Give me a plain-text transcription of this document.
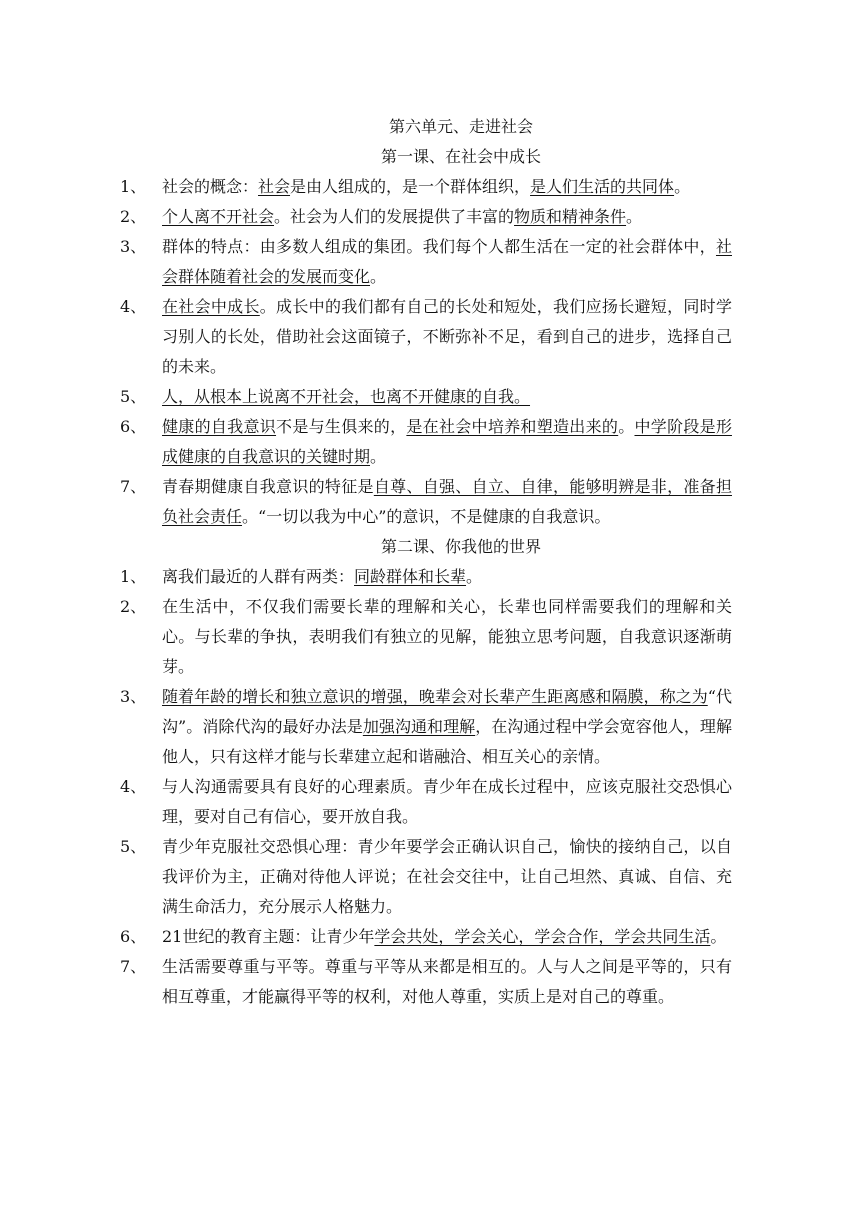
第六单元、走进社会

第一课、在社会中成长

1、 社会的概念：社会是由人组成的，是一个群体组织，是人们生活的共同体。
2、 个人离不开社会。社会为人们的发展提供了丰富的物质和精神条件。
3、 群体的特点：由多数人组成的集团。我们每个人都生活在一定的社会群体中，社会群体随着社会的发展而变化。
4、 在社会中成长。成长中的我们都有自己的长处和短处，我们应扬长避短，同时学习别人的长处，借助社会这面镜子，不断弥补不足，看到自己的进步，选择自己的未来。
5、 人，从根本上说离不开社会，也离不开健康的自我。
6、 健康的自我意识不是与生俱来的，是在社会中培养和塑造出来的。中学阶段是形成健康的自我意识的关键时期。
7、 青春期健康自我意识的特征是自尊、自强、自立、自律，能够明辨是非，准备担负社会责任。“一切以我为中心”的意识，不是健康的自我意识。

第二课、你我他的世界

1、 离我们最近的人群有两类：同龄群体和长辈。
2、 在生活中，不仅我们需要长辈的理解和关心，长辈也同样需要我们的理解和关心。与长辈的争执，表明我们有独立的见解，能独立思考问题，自我意识逐渐萌芽。
3、 随着年龄的增长和独立意识的增强，晚辈会对长辈产生距离感和隔膜，称之为“代沟”。消除代沟的最好办法是加强沟通和理解，在沟通过程中学会宽容他人，理解他人，只有这样才能与长辈建立起和谐融洽、相互关心的亲情。
4、 与人沟通需要具有良好的心理素质。青少年在成长过程中，应该克服社交恐惧心理，要对自己有信心，要开放自我。
5、 青少年克服社交恐惧心理：青少年要学会正确认识自己，愉快的接纳自己，以自我评价为主，正确对待他人评说；在社会交往中，让自己坦然、真诚、自信、充满生命活力，充分展示人格魅力。
6、 21世纪的教育主题：让青少年学会共处，学会关心，学会合作，学会共同生活。
7、 生活需要尊重与平等。尊重与平等从来都是相互的。人与人之间是平等的，只有相互尊重，才能赢得平等的权利，对他人尊重，实质上是对自己的尊重。
